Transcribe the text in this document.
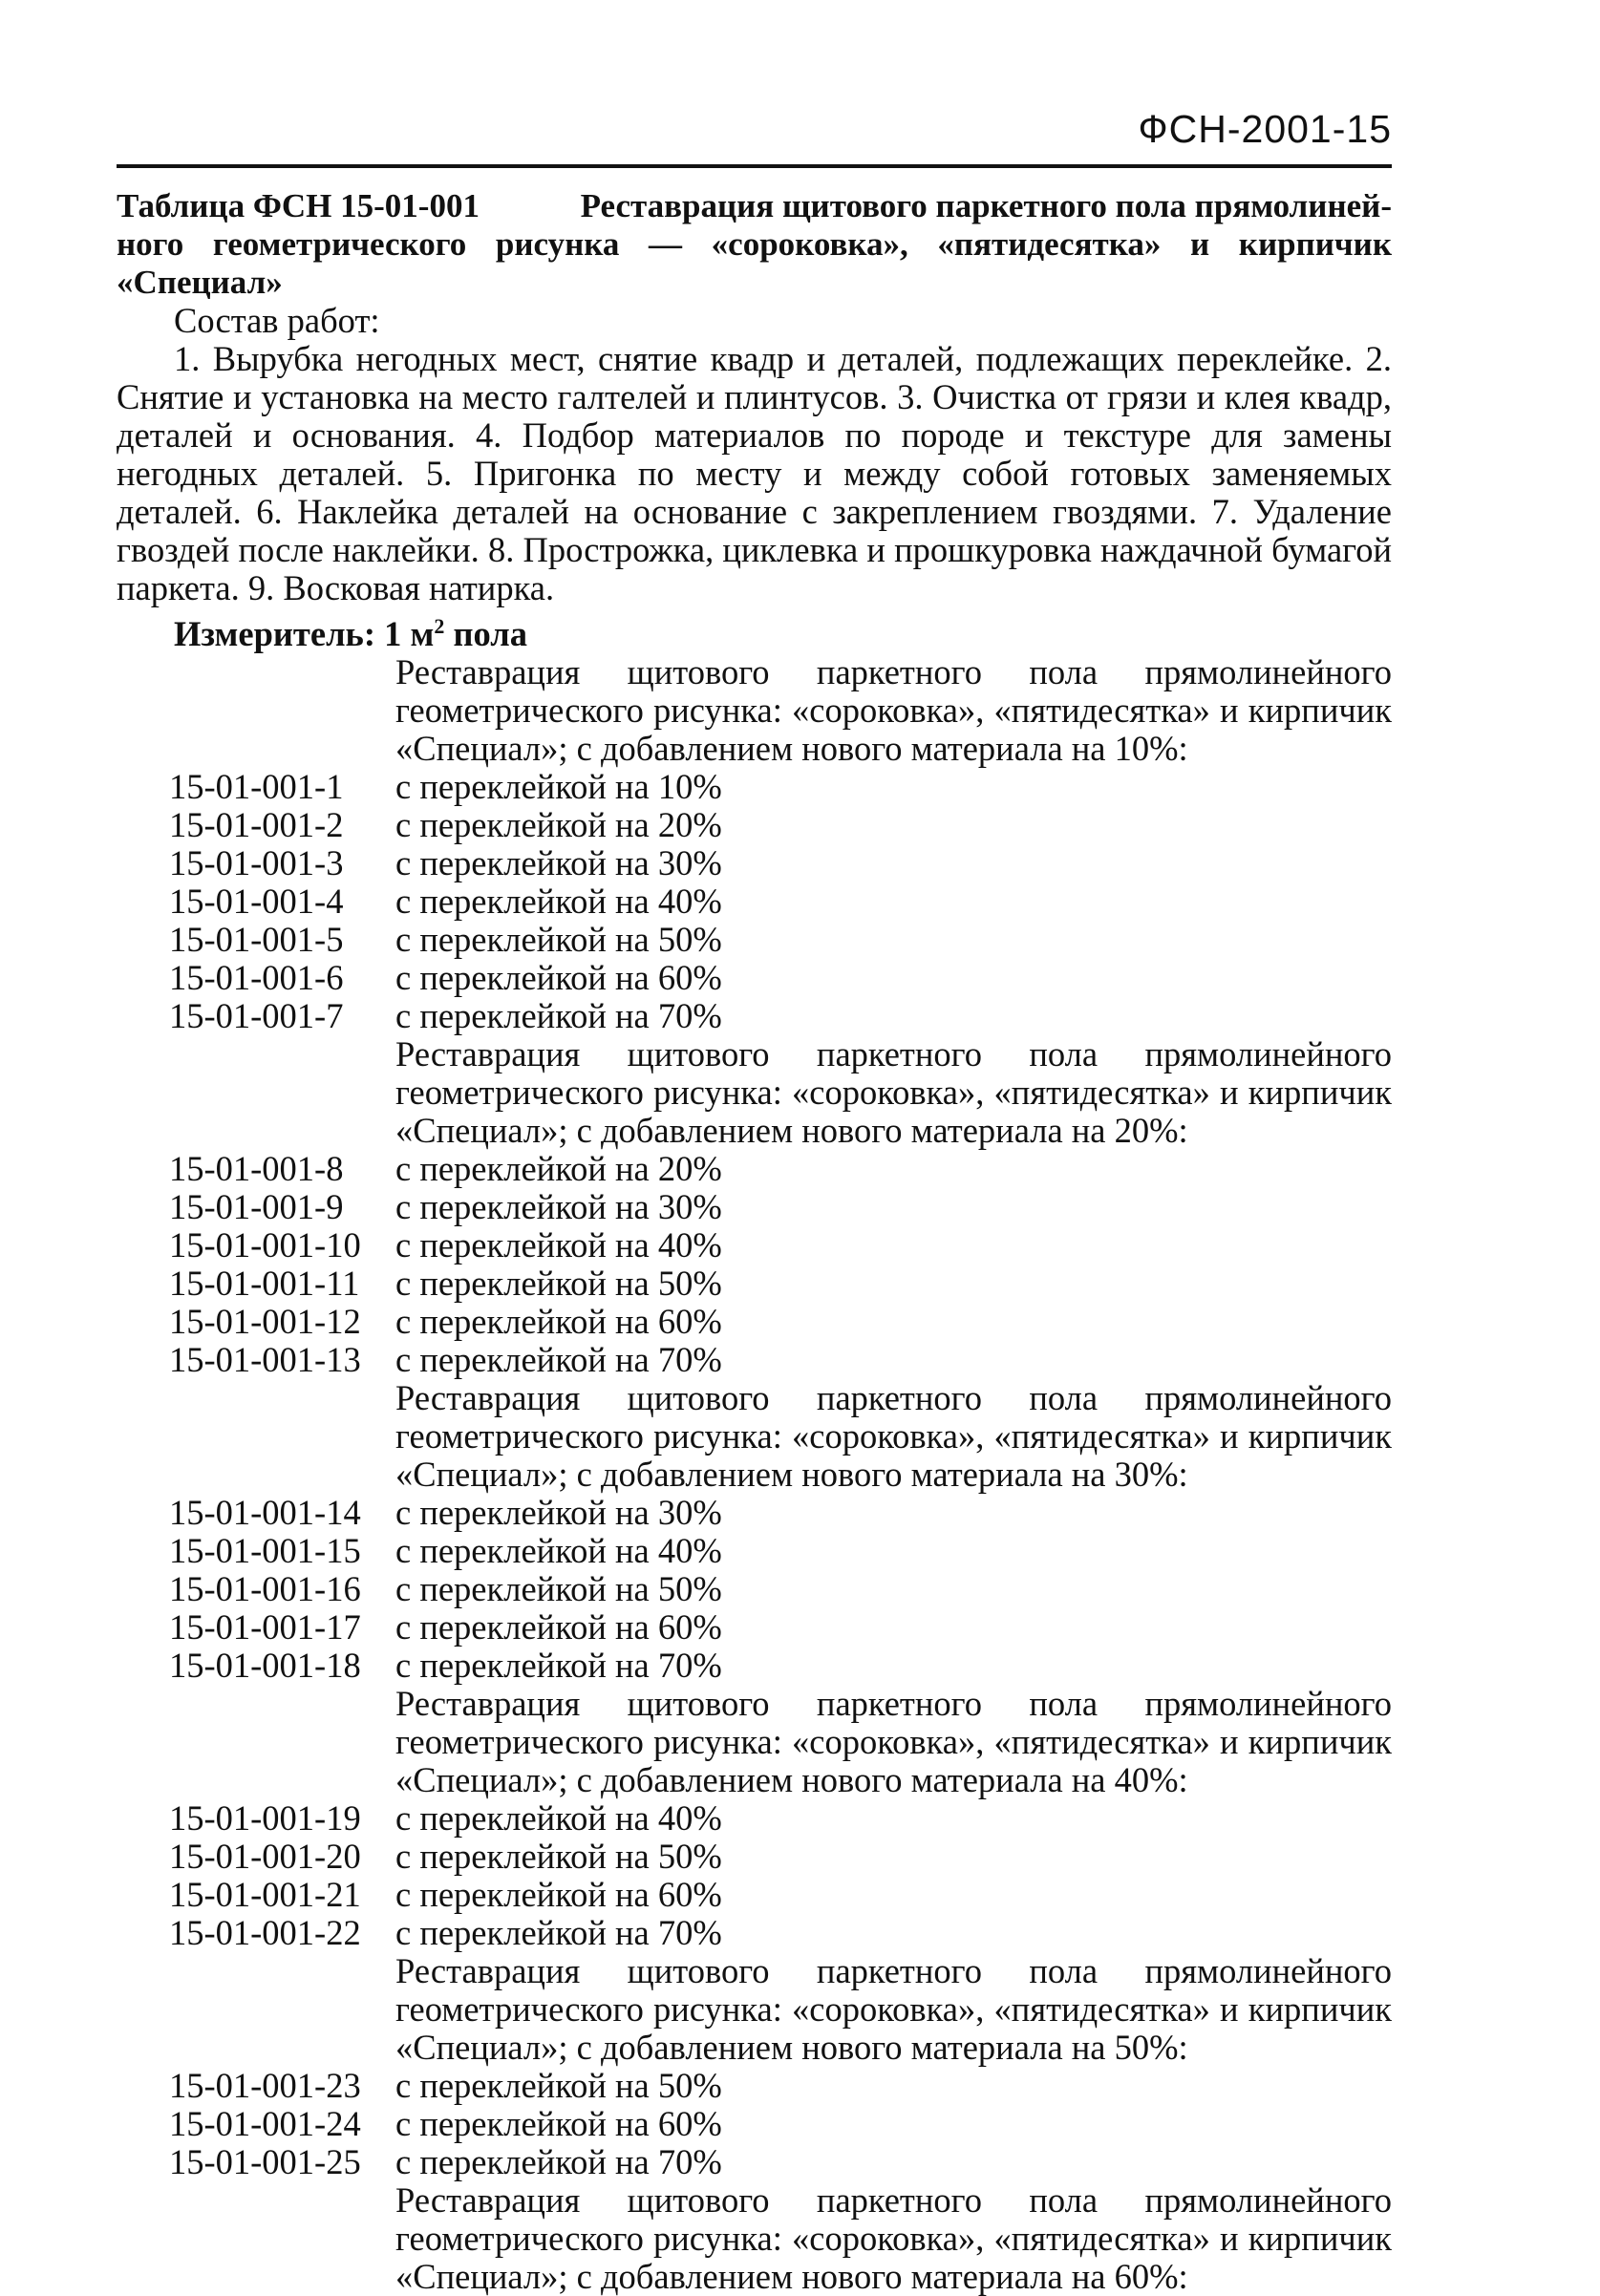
ФСН-2001-15
Таблица ФСН 15-01-001	Реставрация щитового паркетного пола прямолиней-
ного геометрического рисунка — «сороковка», «пятидесятка» и кирпичик «Специал»
Состав работ:
1. Вырубка негодных мест, снятие квадр и деталей, подлежащих переклейке. 2. Снятие и установка на место галтелей и плинтусов. 3. Очистка от грязи и клея квадр, деталей и основания. 4. Подбор материалов по породе и текстуре для замены негодных деталей. 5. Пригонка по месту и между собой готовых заменяемых деталей. 6. Наклейка деталей на основание с закреплением гвоздями. 7. Удаление гвоздей после наклейки. 8. Прострожка, циклевка и прошкуровка наждачной бумагой паркета. 9. Восковая натирка.
Измеритель: 1 $м^2$ пола
Реставрация щитового паркетного пола прямолинейного геометрического рисунка: «сороковка», «пятидесятка» и кирпичик «Специал»; с добавлением нового материала на 10%:
15-01-001-1	с переклейкой на 10%
15-01-001-2	с переклейкой на 20%
15-01-001-3	с переклейкой на 30%
15-01-001-4	с переклейкой на 40%
15-01-001-5	с переклейкой на 50%
15-01-001-6	с переклейкой на 60%
15-01-001-7	с переклейкой на 70%
Реставрация щитового паркетного пола прямолинейного геометрического рисунка: «сороковка», «пятидесятка» и кирпичик «Специал»; с добавлением нового материала на 20%:
15-01-001-8	с переклейкой на 20%
15-01-001-9	с переклейкой на 30%
15-01-001-10 с переклейкой на 40%
15-01-001-11	с переклейкой на 50%
15-01-001-12 с переклейкой на 60%
15-01-001-13 с переклейкой на 70%
Реставрация щитового паркетного пола прямолинейного геометрического рисунка: «сороковка», «пятидесятка» и кирпичик «Специал»; с добавлением нового материала на 30%:
15-01-001-14 с переклейкой на 30%
15-01-001-15 с переклейкой на 40%
15-01-001-16 с переклейкой на 50%
15-01-001-17 с переклейкой на 60%
15-01-001-18 с переклейкой на 70%
Реставрация щитового паркетного пола прямолинейного геометрического рисунка: «сороковка», «пятидесятка» и кирпичик «Специал»; с добавлением нового материала на 40%:
15-01-001-19 с переклейкой на 40%
15-01-001-20 с переклейкой на 50%
15-01-001-21 с переклейкой на 60%
15-01-001-22 с переклейкой на 70%
Реставрация щитового паркетного пола прямолинейного геометрического рисунка: «сороковка», «пятидесятка» и кирпичик «Специал»; с добавлением нового материала на 50%:
15-01-001-23 с переклейкой на 50%
15-01-001-24 с переклейкой на 60%
15-01-001-25 с переклейкой на 70%
Реставрация щитового паркетного пола прямолинейного геометрического рисунка: «сороковка», «пятидесятка» и кирпичик «Специал»; с добавлением нового материала на 60%:
